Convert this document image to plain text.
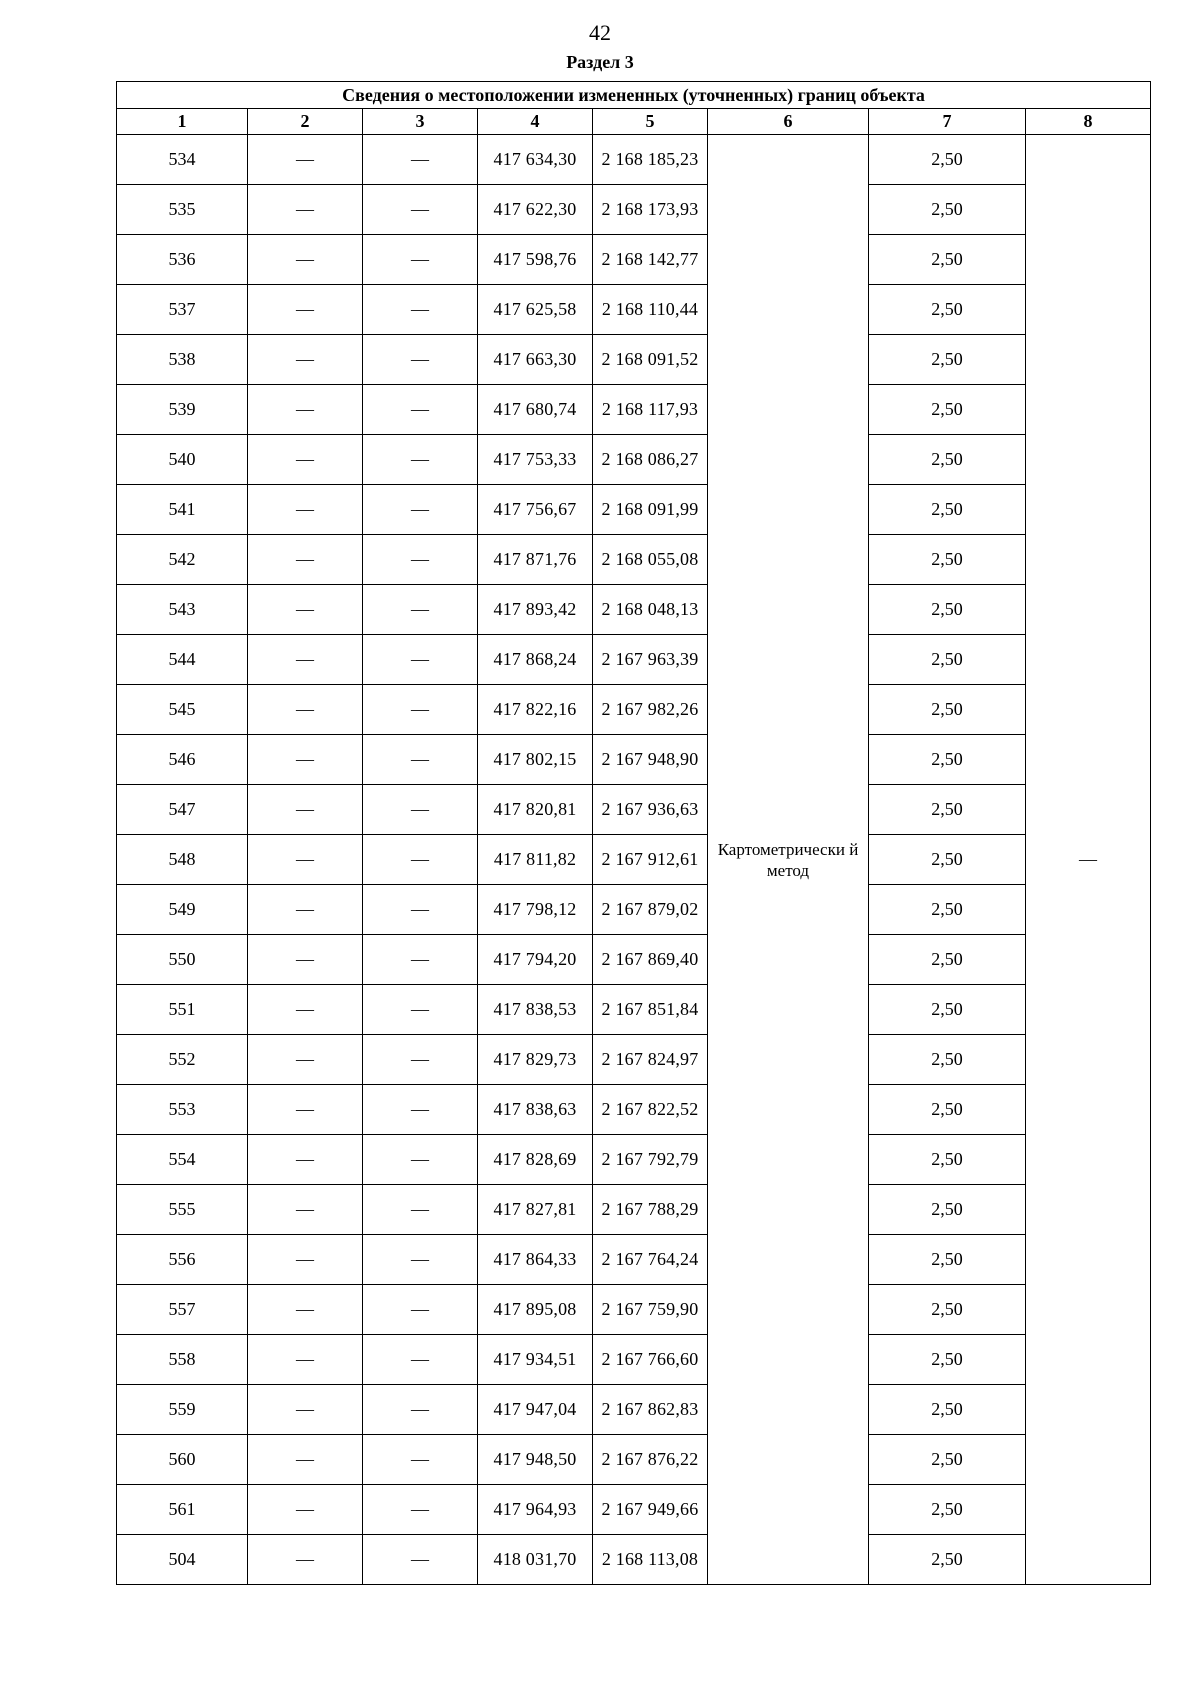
42
Раздел 3
Сведения о местоположении измененных (уточненных) границ объекта							
1	2	3	4	5	6	7	8
534	—	—	417 634,30	2 168 185,23	Картометрически й метод	2,50	—
535	—	—	417 622,30	2 168 173,93		2,50	
536	—	—	417 598,76	2 168 142,77		2,50	
537	—	—	417 625,58	2 168 110,44		2,50	
538	—	—	417 663,30	2 168 091,52		2,50	
539	—	—	417 680,74	2 168 117,93		2,50	
540	—	—	417 753,33	2 168 086,27		2,50	
541	—	—	417 756,67	2 168 091,99		2,50	
542	—	—	417 871,76	2 168 055,08		2,50	
543	—	—	417 893,42	2 168 048,13		2,50	
544	—	—	417 868,24	2 167 963,39		2,50	
545	—	—	417 822,16	2 167 982,26		2,50	
546	—	—	417 802,15	2 167 948,90		2,50	
547	—	—	417 820,81	2 167 936,63		2,50	
548	—	—	417 811,82	2 167 912,61		2,50	
549	—	—	417 798,12	2 167 879,02		2,50	
550	—	—	417 794,20	2 167 869,40		2,50	
551	—	—	417 838,53	2 167 851,84		2,50	
552	—	—	417 829,73	2 167 824,97		2,50	
553	—	—	417 838,63	2 167 822,52		2,50	
554	—	—	417 828,69	2 167 792,79		2,50	
555	—	—	417 827,81	2 167 788,29		2,50	
556	—	—	417 864,33	2 167 764,24		2,50	
557	—	—	417 895,08	2 167 759,90		2,50	
558	—	—	417 934,51	2 167 766,60		2,50	
559	—	—	417 947,04	2 167 862,83		2,50	
560	—	—	417 948,50	2 167 876,22		2,50	
561	—	—	417 964,93	2 167 949,66		2,50	
504	—	—	418 031,70	2 168 113,08		2,50	
